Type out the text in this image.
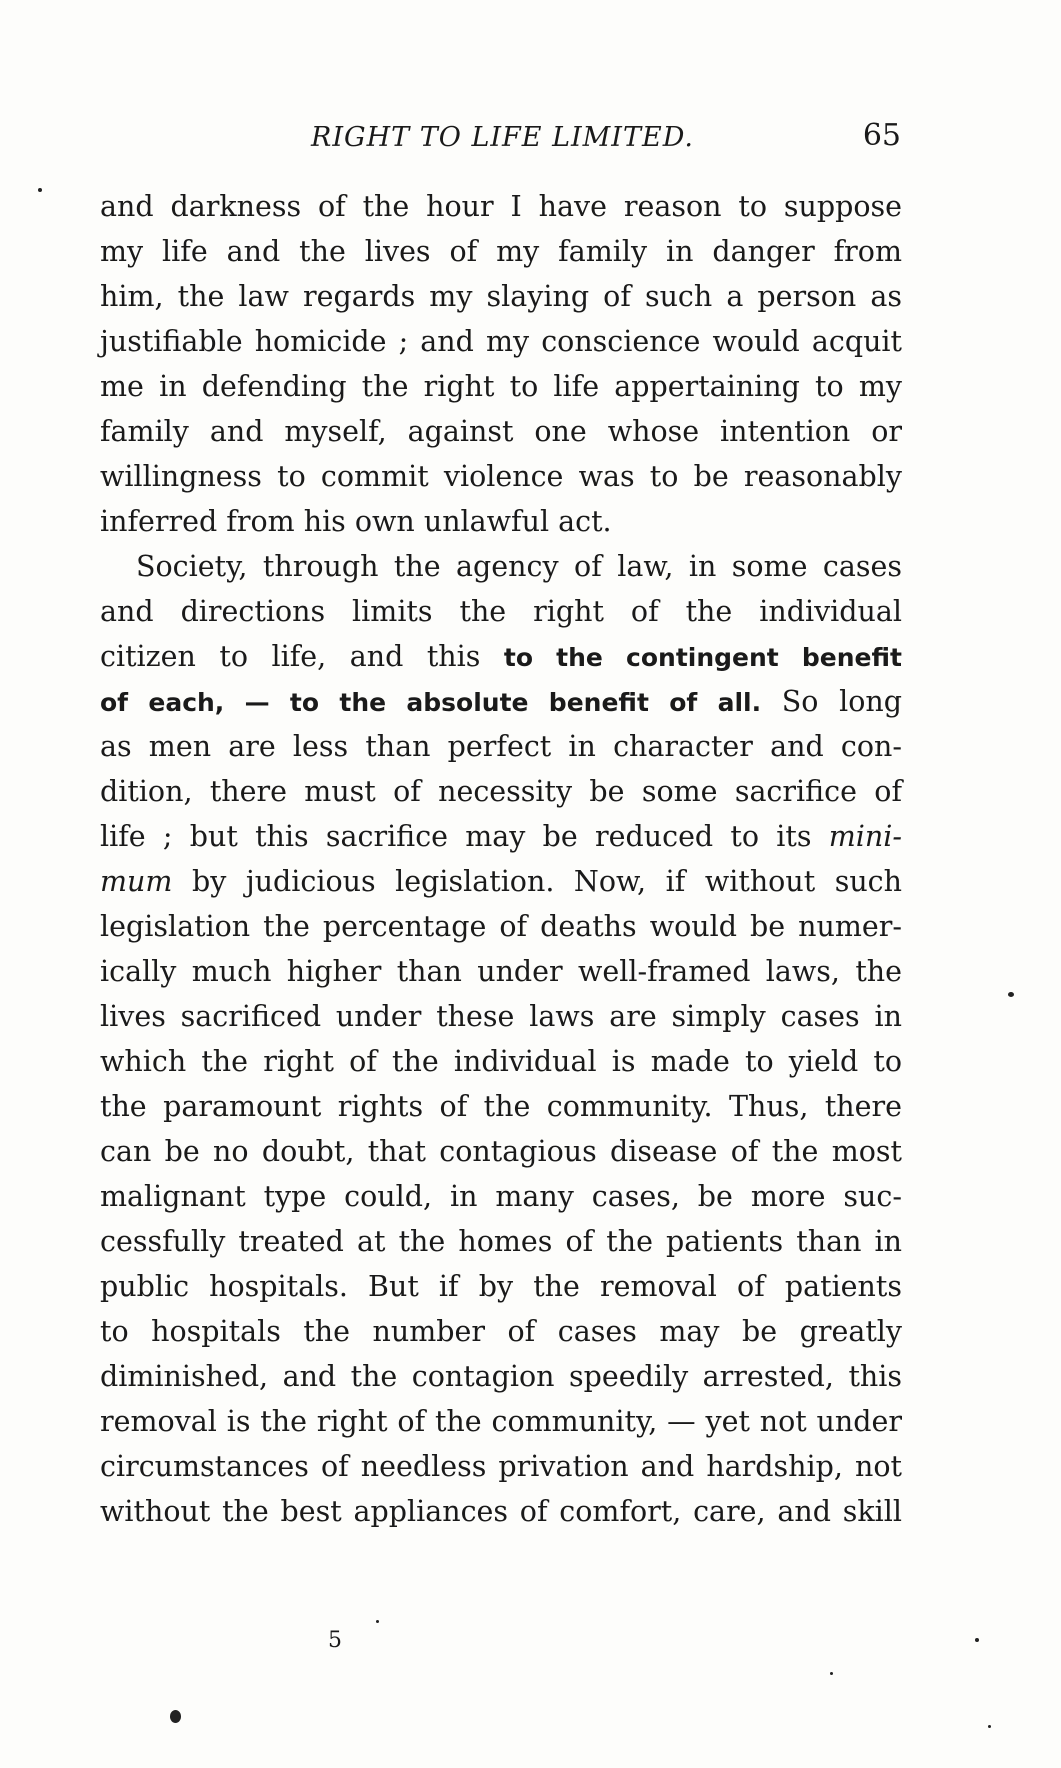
RIGHT TO LIFE LIMITED.	65
and darkness of the hour I have reason to suppose
my life and the lives of my family in danger from
him, the law regards my slaying of such a person as
justifiable homicide ; and my conscience would acquit
me in defending the right to life appertaining to my
family and myself, against one whose intention or
willingness to commit violence was to be reasonably
inferred from his own unlawful act.
Society, through the agency of law, in some cases
and directions limits the right of the individual
citizen to life, and this to the contingent benefit
of each, — to the absolute benefit of all. So long
as men are less than perfect in character and con-
dition, there must of necessity be some sacrifice of
life ; but this sacrifice may be reduced to its mini-
mum by judicious legislation. Now, if without such
legislation the percentage of deaths would be numer-
ically much higher than under well-framed laws, the
lives sacrificed under these laws are simply cases in
which the right of the individual is made to yield to
the paramount rights of the community. Thus, there
can be no doubt, that contagious disease of the most
malignant type could, in many cases, be more suc-
cessfully treated at the homes of the patients than in
public hospitals. But if by the removal of patients
to hospitals the number of cases may be greatly
diminished, and the contagion speedily arrested, this
removal is the right of the community, — yet not under
circumstances of needless privation and hardship, not
without the best appliances of comfort, care, and skill
5
